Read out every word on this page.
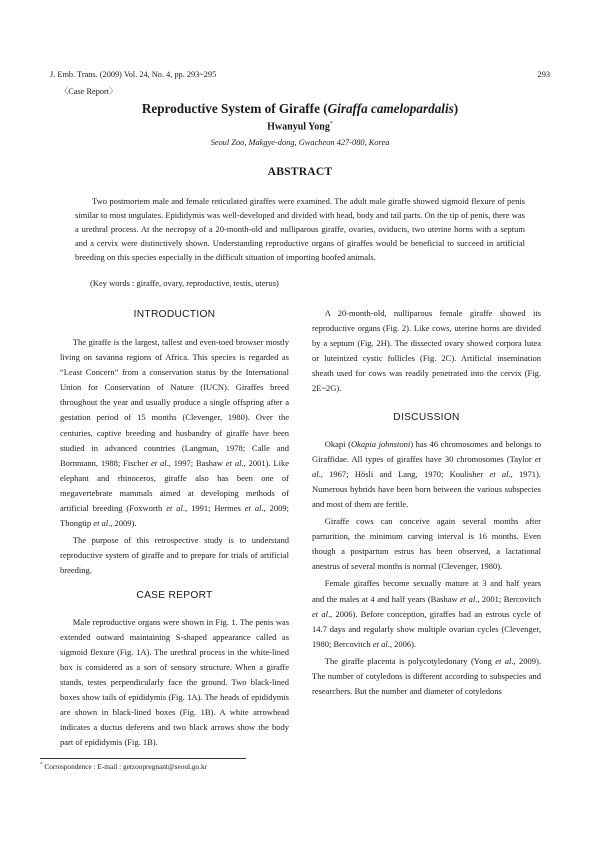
J. Emb. Trans. (2009) Vol. 24, No. 4, pp. 293~295	293
〈Case Report〉
Reproductive System of Giraffe (Giraffa camelopardalis)
Hwanyul Yong*
Seoul Zoo, Makgye-dong, Gwacheon 427-080, Korea
ABSTRACT

Two postmortem male and female reticulated giraffes were examined. The adult male giraffe showed sigmoid flexure of penis similar to most ungulates. Epididymis was well-developed and divided with head, body and tail parts. On the tip of penis, there was a urethral process. At the necropsy of a 20-month-old and nulliparous giraffe, ovaries, oviducts, two uterine horns with a septum and a cervix were distinctively shown. Understanding reproductive organs of giraffes would be beneficial to succeed in artificial breeding on this species especially in the difficult situation of importing hoofed animals.

(Key words : giraffe, ovary, reproductive, testis, uterus)
INTRODUCTION

The giraffe is the largest, tallest and even-toed browser mostly living on savanna regions of Africa. This species is regarded as “Least Concern” from a conservation status by the International Union for Conservation of Nature (IUCN). Giraffes breed throughout the year and usually produce a single offspring after a gestation period of 15 months (Clevenger, 1980). Over the centuries, captive breeding and husbandry of giraffe have been studied in advanced countries (Langman, 1978; Calle and Bornmann, 1988; Fischer et al., 1997; Bashaw et al., 2001). Like elephant and rhinoceros, giraffe also has been one of megavertebrate mammals aimed at developing methods of artificial breeding (Foxworth et al., 1991; Hermes et al., 2009; Thongtip et al., 2009).

The purpose of this retrospective study is to understand reproductive system of giraffe and to prepare for trials of artificial breeding.

CASE REPORT

Male reproductive organs were shown in Fig. 1. The penis was extended outward maintaining S-shaped appearance called as sigmoid flexure (Fig. 1A). The urethral process in the white-lined box is considered as a sort of sensory structure. When a giraffe stands, testes perpendicularly face the ground. Two black-lined boxes show tails of epididymis (Fig. 1A). The heads of epididymis are shown in black-lined boxes (Fig. 1B). A white arrowhead indicates a ductus deferens and two black arrows show the body part of epididymis (Fig. 1B).

A 20-month-old, nulliparous female giraffe showed its reproductive organs (Fig. 2). Like cows, uterine horns are divided by a septum (Fig. 2H). The dissected ovary showed corpora lutea or luteinized cystic follicles (Fig. 2C). Artificial insemination sheath used for cows was readily penetrated into the cervix (Fig. 2E~2G).

DISCUSSION

Okapi (Okapia johnstoni) has 46 chromosomes and belongs to Giraffidae. All types of giraffes have 30 chromosomes (Taylor et al., 1967; Hösli and Lang, 1970; Koulisher et al., 1971). Numerous hybrids have been born between the various subspecies and most of them are fertile.

Giraffe cows can conceive again several months after parturition, the minimum carving interval is 16 months. Even though a postpartum estrus has been observed, a lactational anestrus of several months is normal (Clevenger, 1980).

Female giraffes become sexually mature at 3 and half years and the males at 4 and half years (Bashaw et al., 2001; Bercovitch et al., 2006). Before conception, giraffes had an estrous cycle of 14.7 days and regularly show multiple ovarian cycles (Clevenger, 1980; Bercovitch et al., 2006).

The giraffe placenta is polycotyledonary (Yong et al., 2009). The number of cotyledons is different according to subspecies and researchers. But the number and diameter of cotyledons

* Correspondence : E-mail : getzoopregnant@seoul.go.kr
